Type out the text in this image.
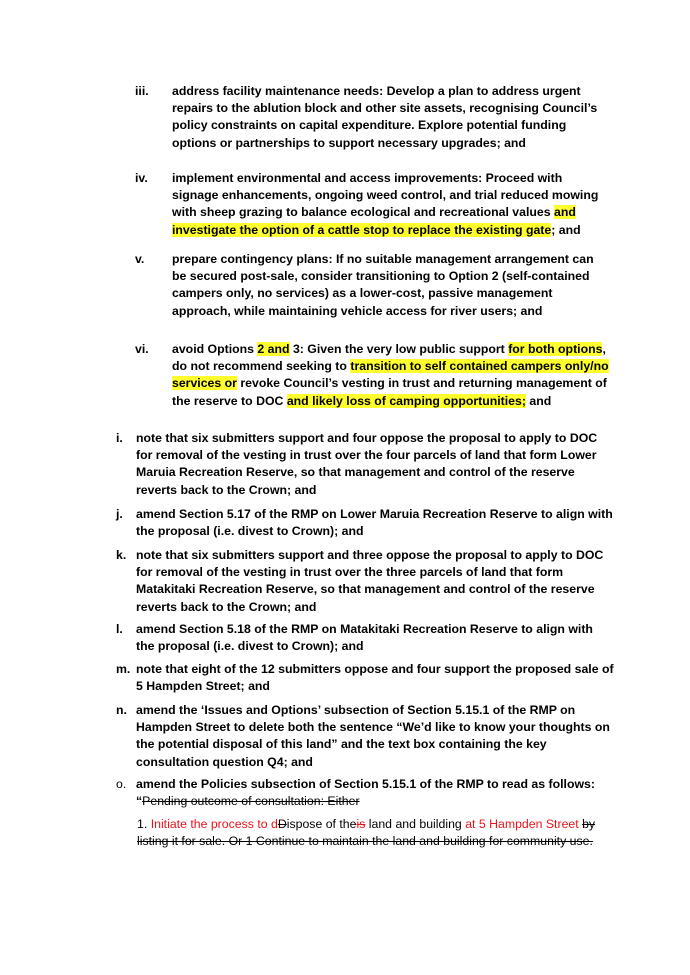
iii. address facility maintenance needs: Develop a plan to address urgent repairs to the ablution block and other site assets, recognising Council’s policy constraints on capital expenditure. Explore potential funding options or partnerships to support necessary upgrades; and
iv. implement environmental and access improvements: Proceed with signage enhancements, ongoing weed control, and trial reduced mowing with sheep grazing to balance ecological and recreational values and investigate the option of a cattle stop to replace the existing gate; and
v. prepare contingency plans: If no suitable management arrangement can be secured post-sale, consider transitioning to Option 2 (self-contained campers only, no services) as a lower-cost, passive management approach, while maintaining vehicle access for river users; and
vi. avoid Options 2 and 3: Given the very low public support for both options, do not recommend seeking to transition to self contained campers only/no services or revoke Council’s vesting in trust and returning management of the reserve to DOC and likely loss of camping opportunities; and
i. note that six submitters support and four oppose the proposal to apply to DOC for removal of the vesting in trust over the four parcels of land that form Lower Maruia Recreation Reserve, so that management and control of the reserve reverts back to the Crown; and
j. amend Section 5.17 of the RMP on Lower Maruia Recreation Reserve to align with the proposal (i.e. divest to Crown); and
k. note that six submitters support and three oppose the proposal to apply to DOC for removal of the vesting in trust over the three parcels of land that form Matakitaki Recreation Reserve, so that management and control of the reserve reverts back to the Crown; and
l. amend Section 5.18 of the RMP on Matakitaki Recreation Reserve to align with the proposal (i.e. divest to Crown); and
m. note that eight of the 12 submitters oppose and four support the proposed sale of 5 Hampden Street; and
n. amend the ‘Issues and Options’ subsection of Section 5.15.1 of the RMP on Hampden Street to delete both the sentence “We’d like to know your thoughts on the potential disposal of this land” and the text box containing the key consultation question Q4; and
o. amend the Policies subsection of Section 5.15.1 of the RMP to read as follows: “Pending outcome of consultation: Either
1. Initiate the process to dDispose of theis land and building at 5 Hampden Street by listing it for sale. Or 1 Continue to maintain the land and building for community use.
